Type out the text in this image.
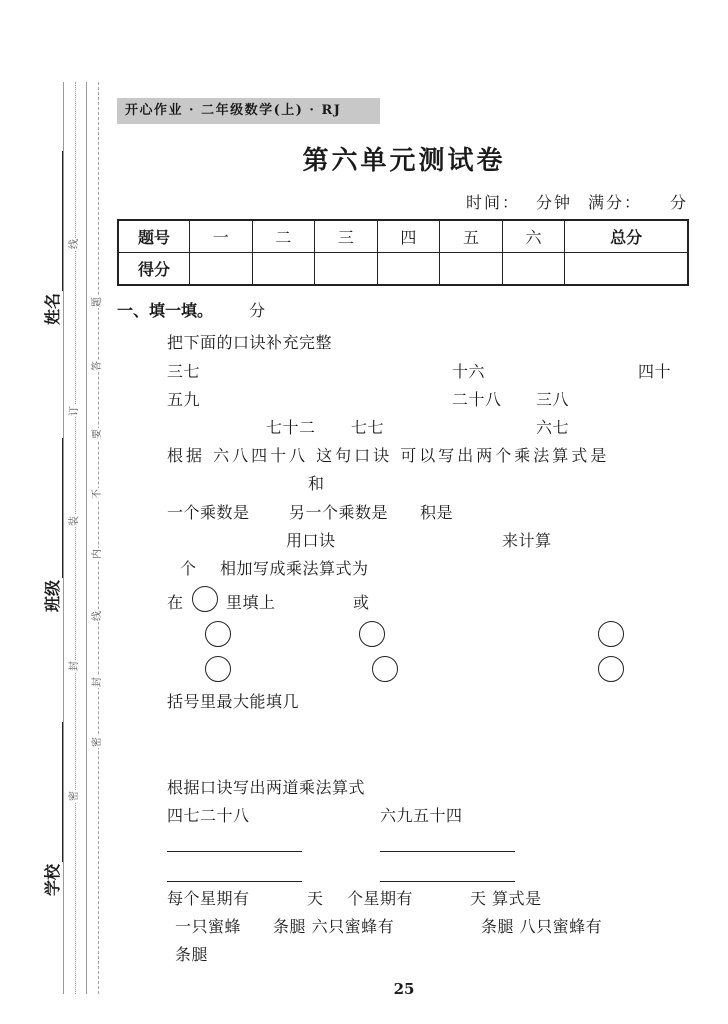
线
订
装
封
密
题
答
要
不
内
线
封
密
姓名
班级
学校
开心作业 · 二年级数学(上) · RJ
第六单元测试卷
时间： 分钟 满分： 分
题号	一	二	三	四	五	六	总分
得分							
一、填一填。 分
把下面的口诀补充完整
三七	十六	四十
五九	二十八 三八
七十二 七七	六七
根据 六八四十八 这句口诀 可以写出两个乘法算式是
和
一个乘数是 另一个乘数是 积是
用口诀	来计算
个 相加写成乘法算式为
在	里填上	或
括号里最大能填几
根据口诀写出两道乘法算式
四七二十八	六九五十四
每个星期有	天 个星期有	天 算式是
一只蜜蜂 条腿 六只蜜蜂有	条腿 八只蜜蜂有
条腿
25
